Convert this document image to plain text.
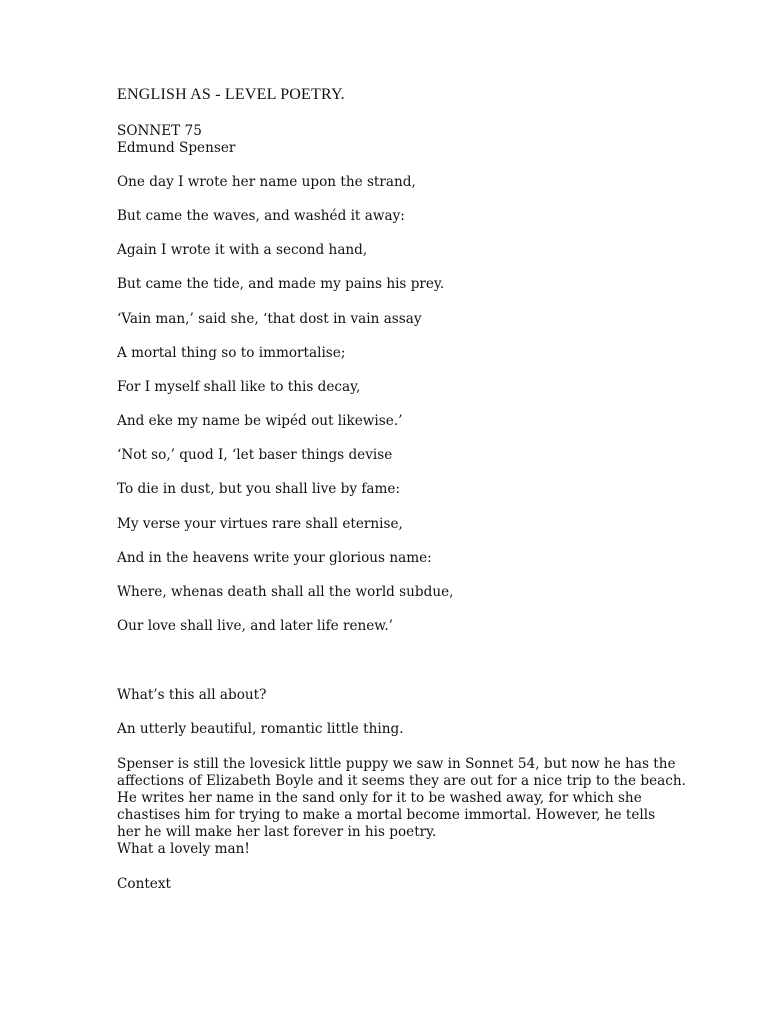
ENGLISH AS - LEVEL POETRY.
SONNET 75
Edmund Spenser
One day I wrote her name upon the strand,
But came the waves, and washéd it away:
Again I wrote it with a second hand,
But came the tide, and made my pains his prey.
‘Vain man,’ said she, ‘that dost in vain assay
A mortal thing so to immortalise;
For I myself shall like to this decay,
And eke my name be wipéd out likewise.’
‘Not so,’ quod I, ‘let baser things devise
To die in dust, but you shall live by fame:
My verse your virtues rare shall eternise,
And in the heavens write your glorious name:
Where, whenas death shall all the world subdue,
Our love shall live, and later life renew.’
What’s this all about?
An utterly beautiful, romantic little thing.
Spenser is still the lovesick little puppy we saw in Sonnet 54, but now he has the
affections of Elizabeth Boyle and it seems they are out for a nice trip to the beach.
He writes her name in the sand only for it to be washed away, for which she
chastises him for trying to make a mortal become immortal. However, he tells
her he will make her last forever in his poetry.
What a lovely man!
Context
